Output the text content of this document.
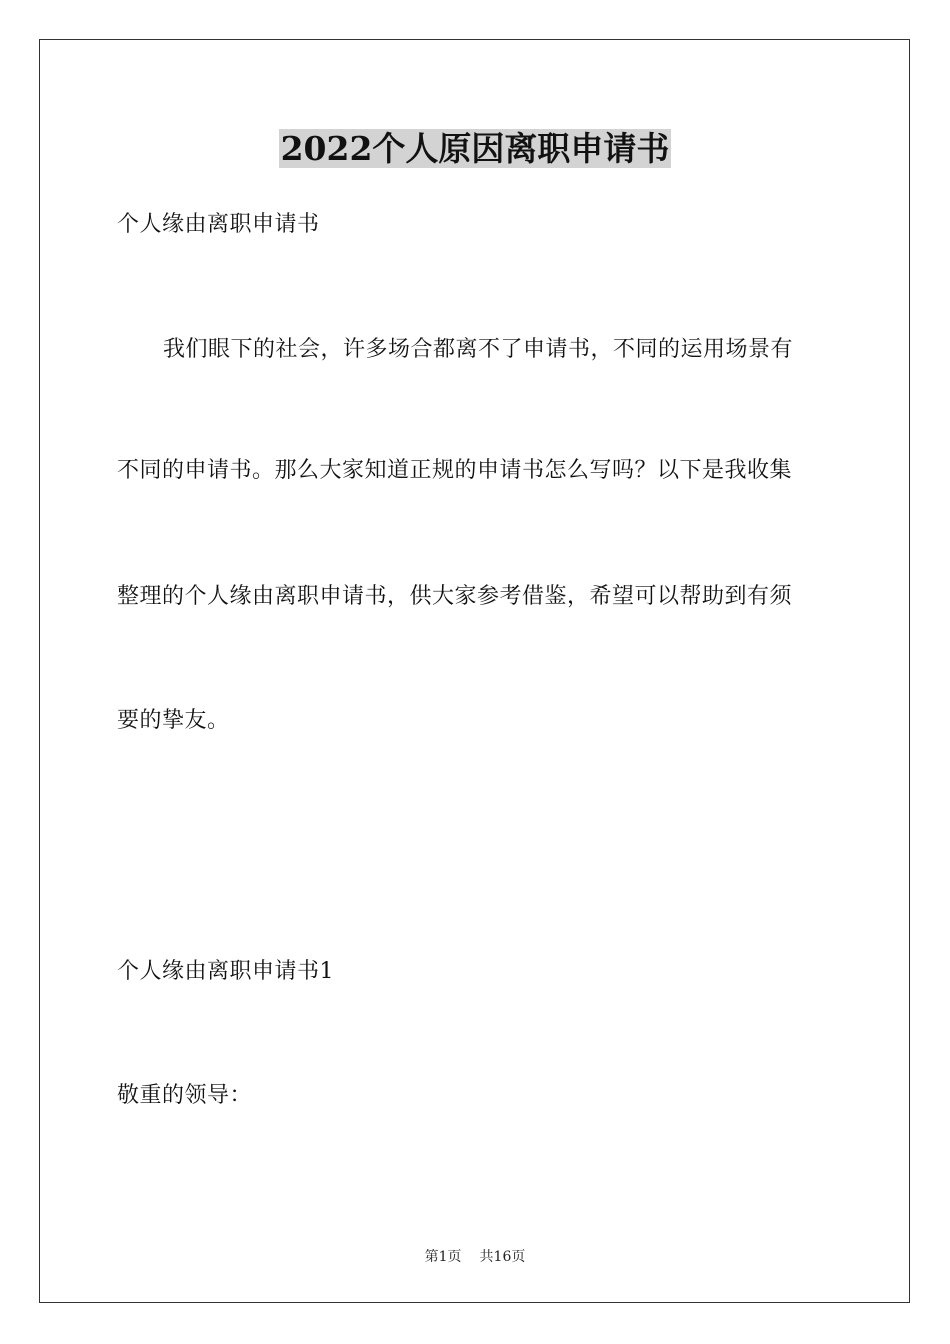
2022个人原因离职申请书
个人缘由离职申请书
我们眼下的社会，许多场合都离不了申请书，不同的运用场景有
不同的申请书。那么大家知道正规的申请书怎么写吗？以下是我收集
整理的个人缘由离职申请书，供大家参考借鉴，希望可以帮助到有须
要的挚友。
个人缘由离职申请书1
敬重的领导：
第1页 共16页
